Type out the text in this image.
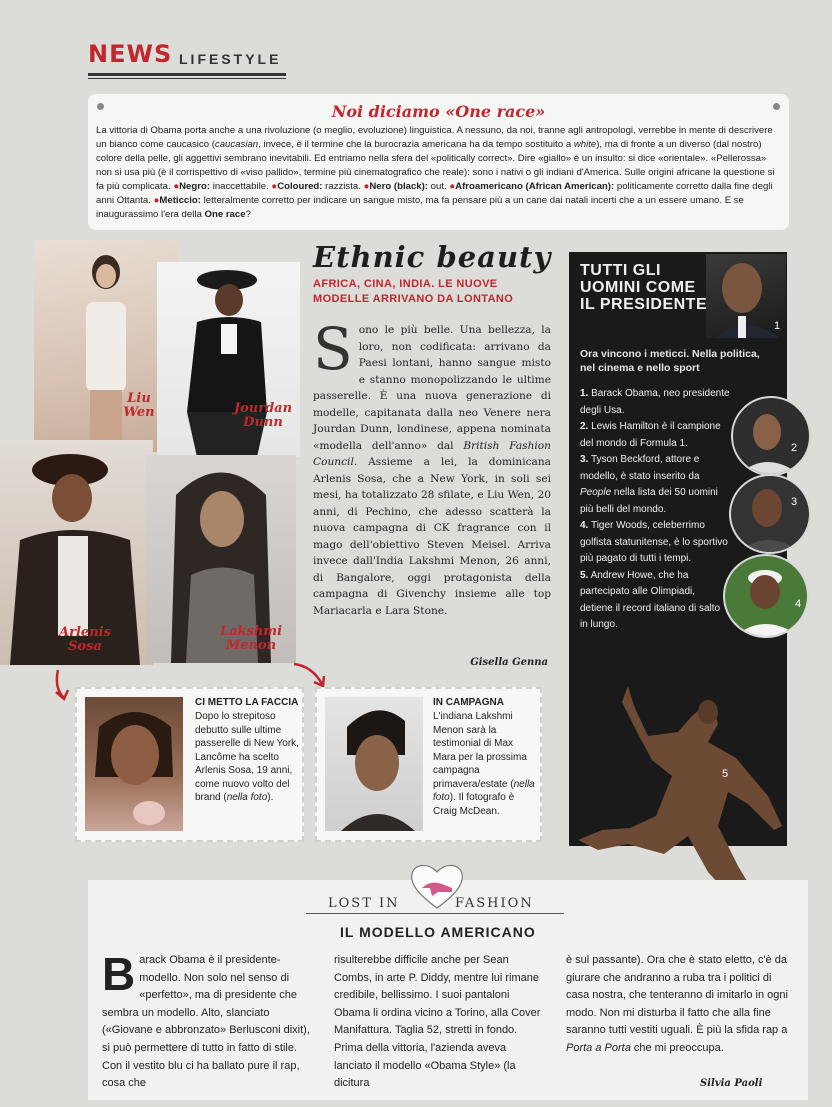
NEWS LIFESTYLE
Noi diciamo «One race»

La vittoria di Obama porta anche a una rivoluzione (o meglio, evoluzione) linguistica. A nessuno, da noi, tranne agli antropologi, verrebbe in mente di descrivere un bianco come caucasico (caucasian, invece, è il termine che la burocrazia americana ha da tempo sostituito a white), ma di fronte a un diverso (dal nostro) colore della pelle, gli aggettivi sembrano inevitabili. Ed entriamo nella sfera del «politically correct». Dire «giallo» è un insulto: si dice «orientale». «Pellerossa» non si usa più (è il corrispettivo di «viso pallido», termine più cinematografico che reale): sono i nativi o gli indiani d'America. Sulle origini africane la questione si fa più complicata. ●Negro: inaccettabile. ●Coloured: razzista. ●Nero (black): out. ●Afroamericano (African American): politicamente corretto dalla fine degli anni Ottanta. ●Meticcio: letteralmente corretto per indicare un sangue misto, ma fa pensare più a un cane dai natali incerti che a un essere umano. E se inaugurassimo l'era della One race?

Liu
Wen	Jourdan
Dunn
Arlenis
Sosa
Lakshmi
Menon
Ethnic beauty
AFRICA, CINA, INDIA. LE NUOVE MODELLE ARRIVANO DA LONTANO
Sono le più belle. Una bellezza, la loro, non codificata: arrivano da Paesi lontani, hanno sangue misto e stanno monopolizzando le ultime passerelle. È una nuova generazione di modelle, capitanata dalla neo Venere nera Jourdan Dunn, londinese, appena nominata «modella dell'anno» dal British Fashion Council. Assieme a lei, la dominicana Arlenis Sosa, che a New York, in soli sei mesi, ha totalizzato 28 sfilate, e Liu Wen, 20 anni, di Pechino, che adesso scatterà la nuova campagna di CK fragrance con il mago dell'obiettivo Steven Meisel. Arriva invece dall'India Lakshmi Menon, 26 anni, di Bangalore, oggi protagonista della campagna di Givenchy insieme alle top Mariacarla e Lara Stone.
Gisella Genna
1
TUTTI GLI UOMINI COME IL PRESIDENTE
Ora vincono i meticci. Nella politica, nel cinema e nello sport
1. Barack Obama, neo presidente degli Usa.
2. Lewis Hamilton è il campione del mondo di Formula 1.
3. Tyson Beckford, attore e modello, è stato inserito da People nella lista dei 50 uomini più belli del mondo.
4. Tiger Woods, celeberrimo golfista statunitense, è lo sportivo più pagato di tutti i tempi.
5. Andrew Howe, che ha partecipato alle Olimpiadi, detiene il record italiano di salto in lungo.
2
3
4
5
CI METTO LA FACCIA
Dopo lo strepitoso debutto sulle ultime passerelle di New York, Lancôme ha scelto Arlenis Sosa, 19 anni, come nuovo volto del brand (nella foto).
IN CAMPAGNA
L'indiana Lakshmi Menon sarà la testimonial di Max Mara per la prossima campagna primavera/estate (nella foto). Il fotografo è Craig McDean.
LOST IN	FASHION
IL MODELLO AMERICANO
Barack Obama è il presidente-modello. Non solo nel senso di «perfetto», ma di presidente che sembra un modello. Alto, slanciato («Giovane e abbronzato» Berlusconi dixit), si può permettere di tutto in fatto di stile. Con il vestito blu ci ha ballato pure il rap, cosa che
risulterebbe difficile anche per Sean Combs, in arte P. Diddy, mentre lui rimane credibile, bellissimo. I suoi pantaloni Obama li ordina vicino a Torino, alla Cover Manifattura. Taglia 52, stretti in fondo. Prima della vittoria, l'azienda aveva lanciato il modello «Obama Style» (la dicitura
è sul passante). Ora che è stato eletto, c'è da giurare che andranno a ruba tra i politici di casa nostra, che tenteranno di imitarlo in ogni modo. Non mi disturba il fatto che alla fine saranno tutti vestiti uguali. È più la sfida rap a Porta a Porta che mi preoccupa.
Silvia Paoli
